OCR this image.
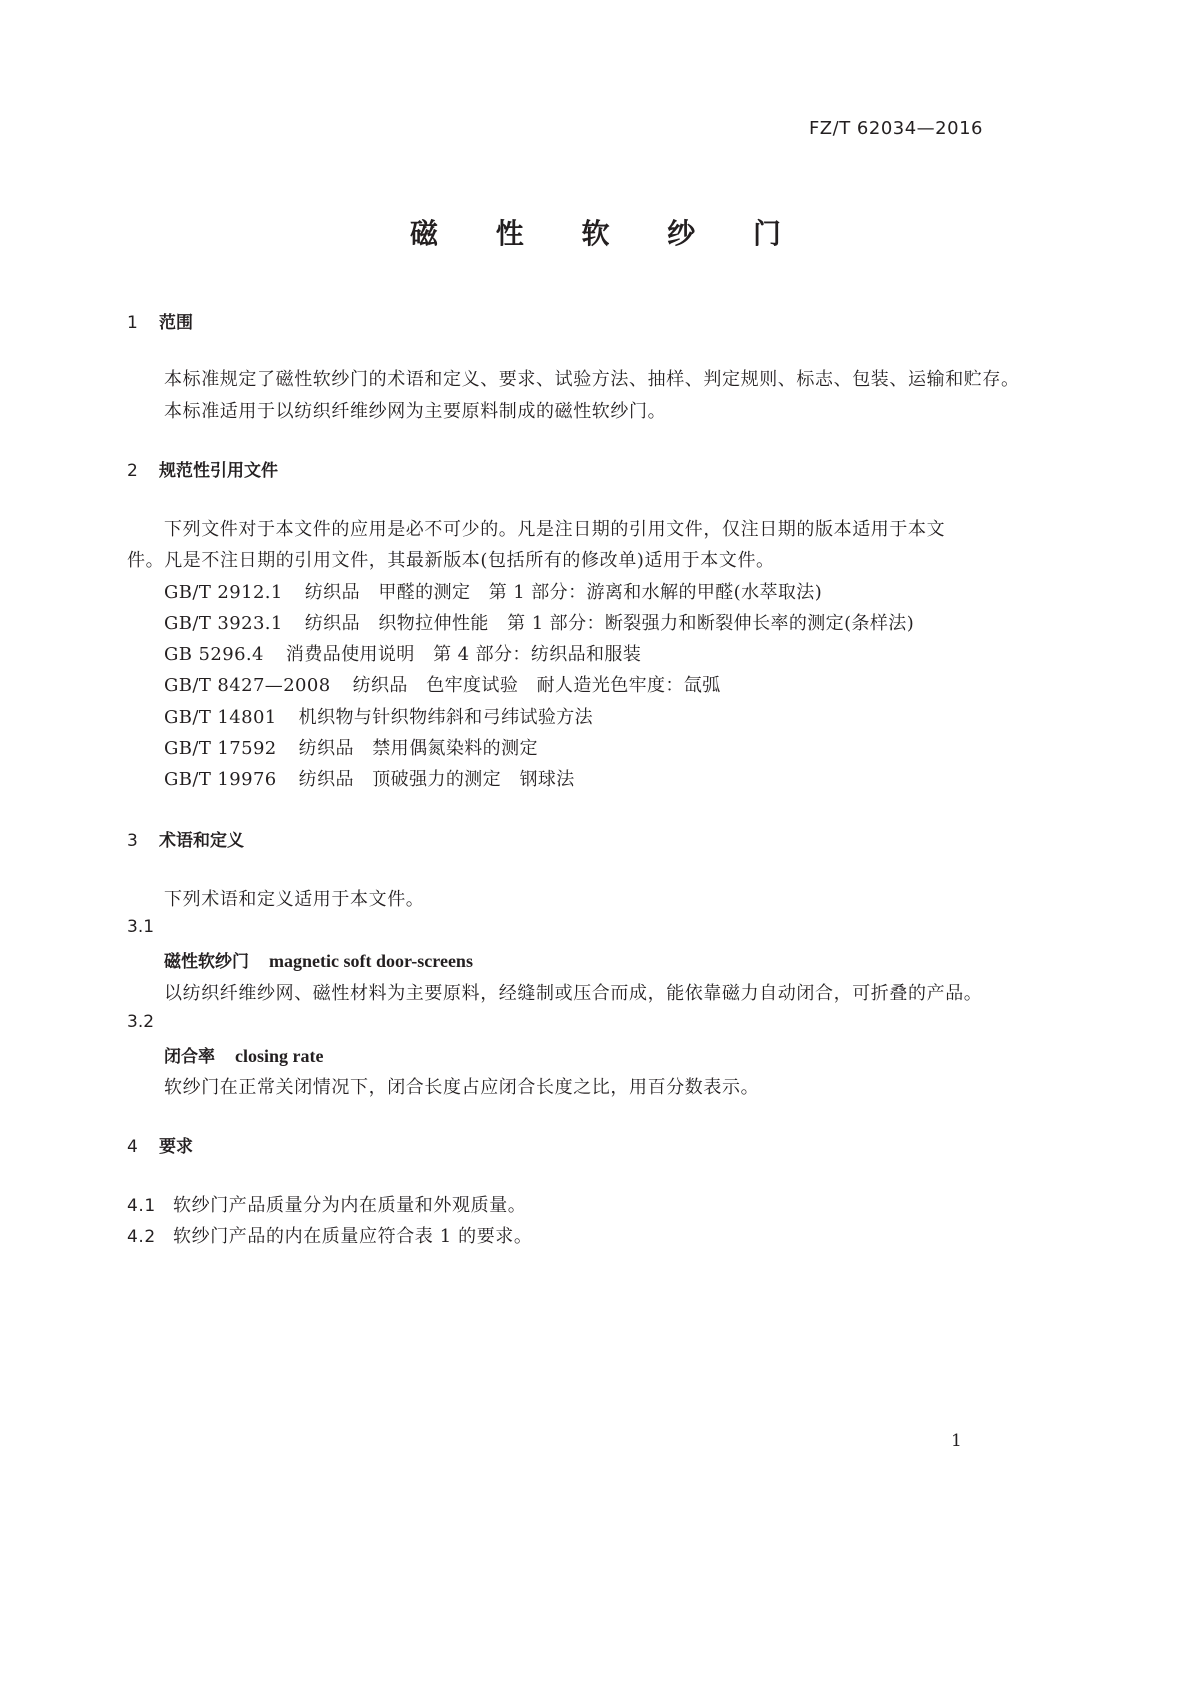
FZ/T 62034—2016
磁 性 软 纱 门
1 范围
本标准规定了磁性软纱门的术语和定义、要求、试验方法、抽样、判定规则、标志、包装、运输和贮存。
本标准适用于以纺织纤维纱网为主要原料制成的磁性软纱门。
2 规范性引用文件
下列文件对于本文件的应用是必不可少的。凡是注日期的引用文件，仅注日期的版本适用于本文
件。凡是不注日期的引用文件，其最新版本(包括所有的修改单)适用于本文件。
GB/T 2912.1 纺织品　甲醛的测定　第 1 部分：游离和水解的甲醛(水萃取法)
GB/T 3923.1 纺织品　织物拉伸性能　第 1 部分：断裂强力和断裂伸长率的测定(条样法)
GB 5296.4 消费品使用说明　第 4 部分：纺织品和服装
GB/T 8427—2008 纺织品　色牢度试验　耐人造光色牢度：氙弧
GB/T 14801 机织物与针织物纬斜和弓纬试验方法
GB/T 17592 纺织品　禁用偶氮染料的测定
GB/T 19976 纺织品　顶破强力的测定　钢球法
3 术语和定义
下列术语和定义适用于本文件。
3.1
磁性软纱门 magnetic soft door-screens
以纺织纤维纱网、磁性材料为主要原料，经缝制或压合而成，能依靠磁力自动闭合，可折叠的产品。
3.2
闭合率 closing rate
软纱门在正常关闭情况下，闭合长度占应闭合长度之比，用百分数表示。
4 要求
4.1 软纱门产品质量分为内在质量和外观质量。
4.2 软纱门产品的内在质量应符合表 1 的要求。
1
